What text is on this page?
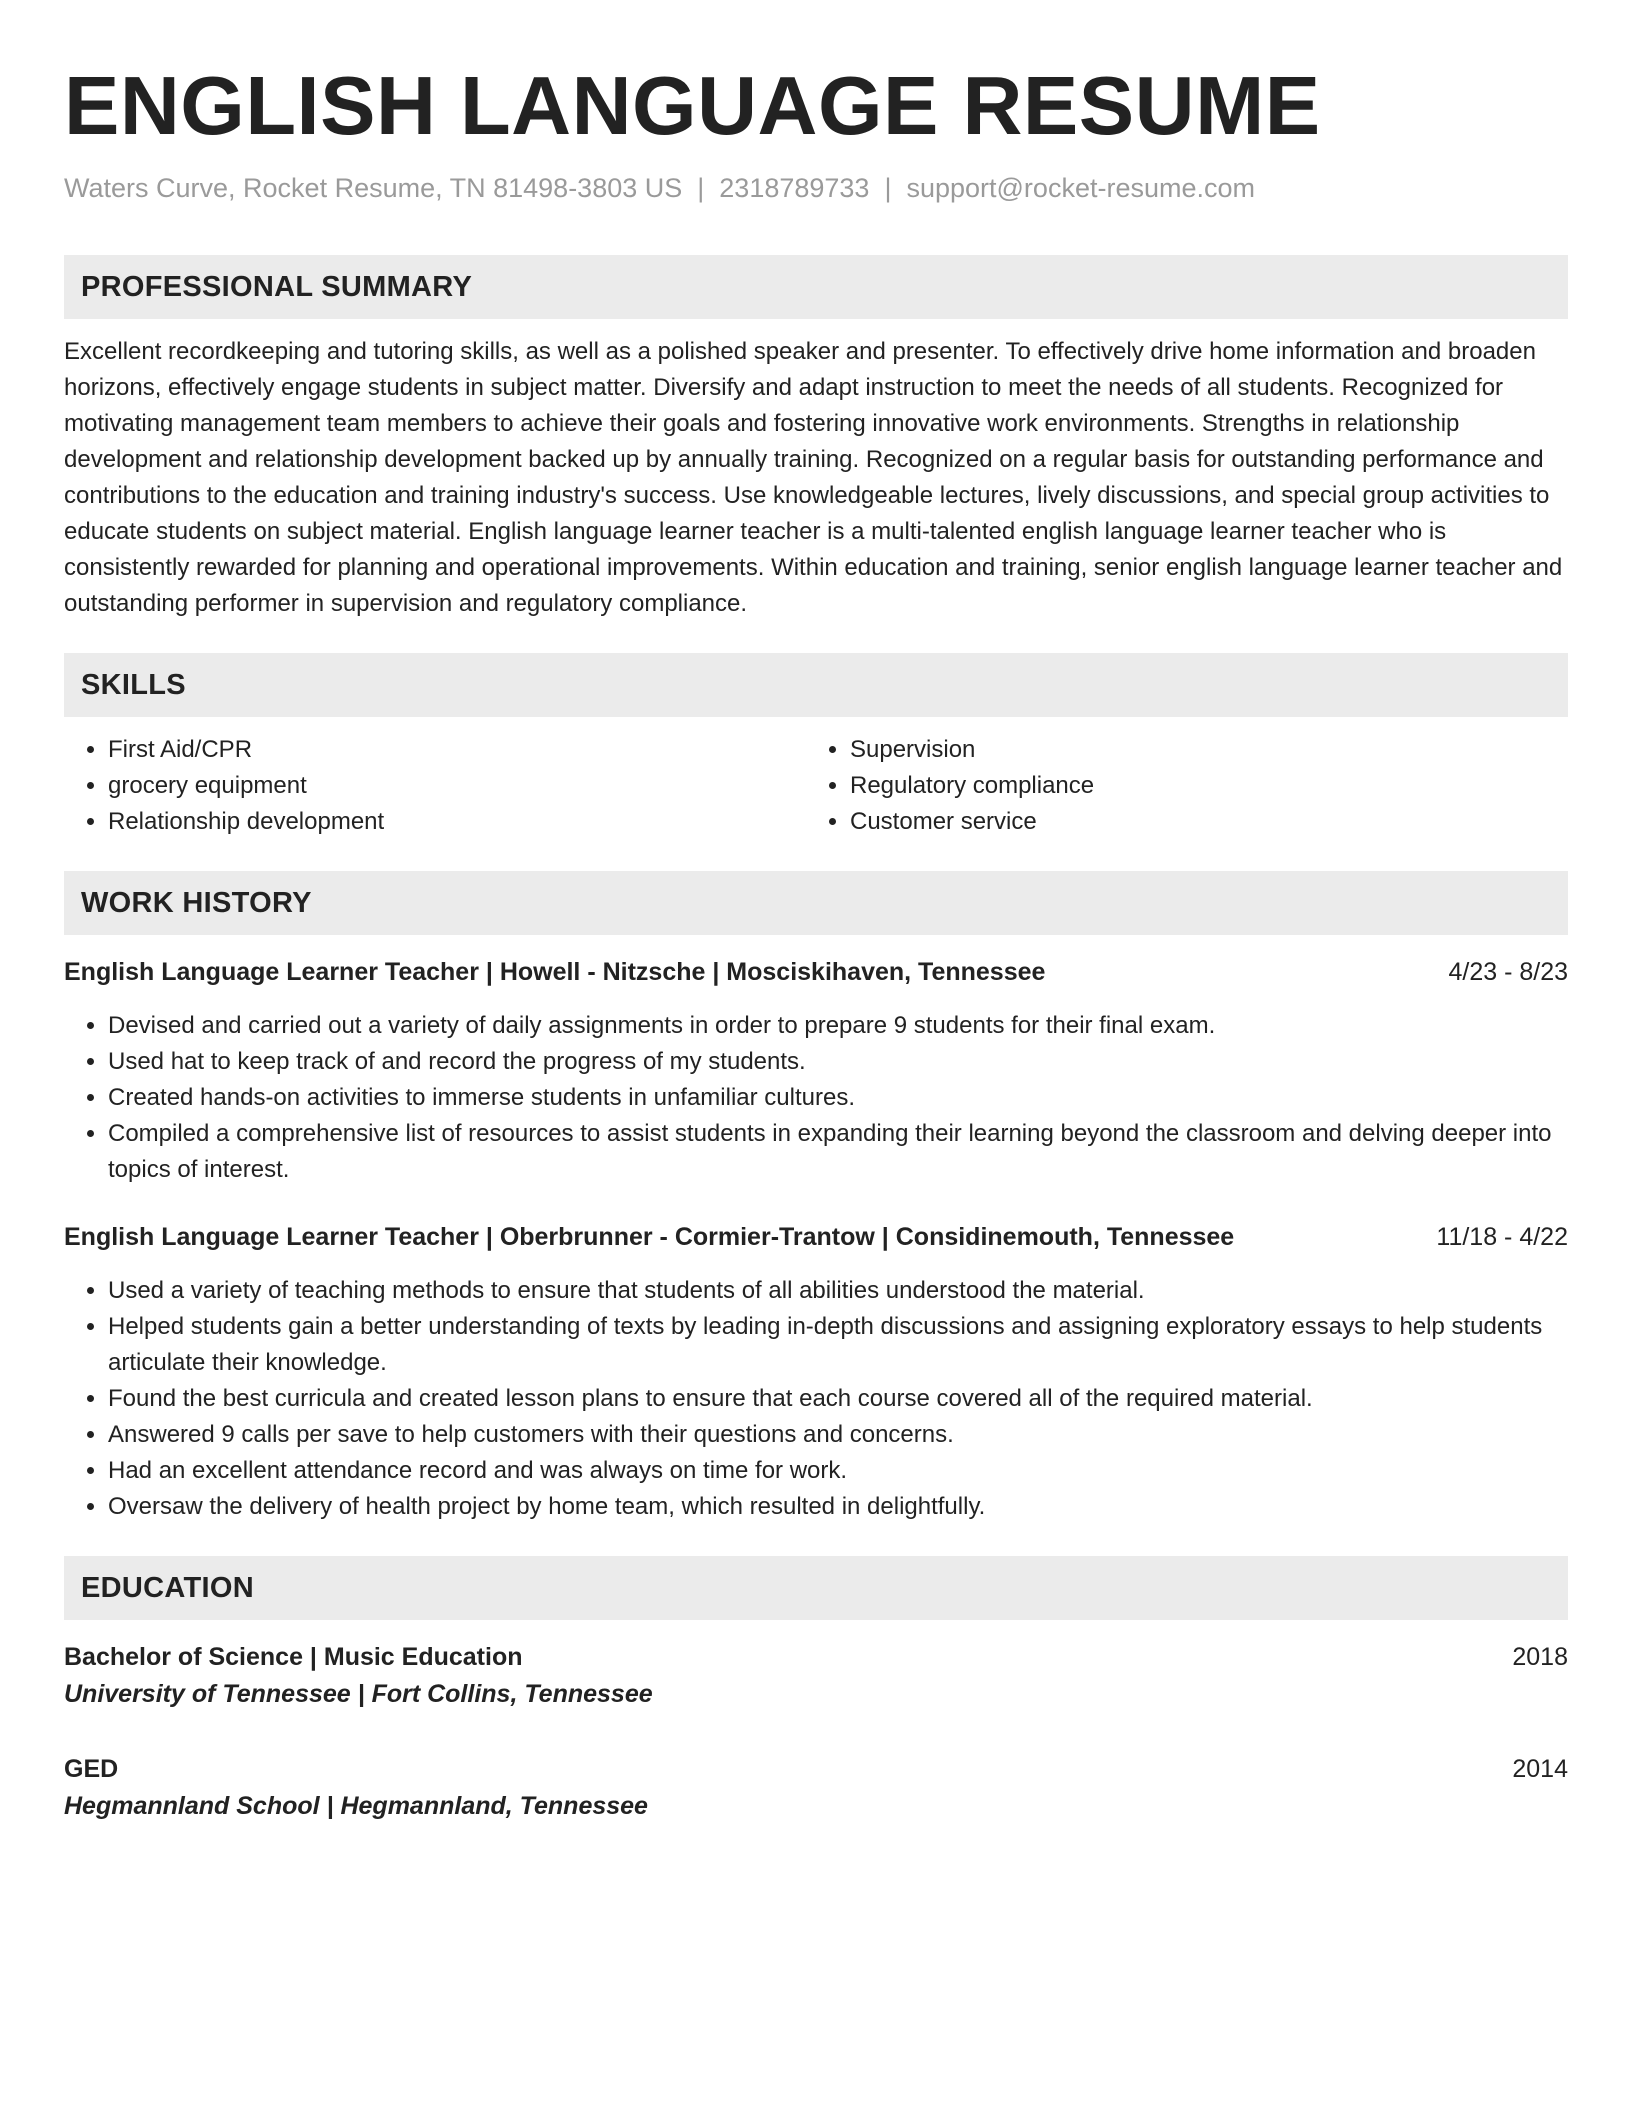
ENGLISH LANGUAGE RESUME
Waters Curve, Rocket Resume, TN 81498-3803 US | 2318789733 | support@rocket-resume.com
PROFESSIONAL SUMMARY

Excellent recordkeeping and tutoring skills, as well as a polished speaker and presenter. To effectively drive home information and broaden horizons, effectively engage students in subject matter. Diversify and adapt instruction to meet the needs of all students. Recognized for motivating management team members to achieve their goals and fostering innovative work environments. Strengths in relationship development and relationship development backed up by annually training. Recognized on a regular basis for outstanding performance and contributions to the education and training industry's success. Use knowledgeable lectures, lively discussions, and special group activities to educate students on subject material. English language learner teacher is a multi-talented english language learner teacher who is consistently rewarded for planning and operational improvements. Within education and training, senior english language learner teacher and outstanding performer in supervision and regulatory compliance.

SKILLS
• First Aid/CPR
• grocery equipment
• Relationship development
• Supervision
• Regulatory compliance
• Customer service
WORK HISTORY
English Language Learner Teacher | Howell - Nitzsche | Mosciskihaven, Tennessee	4/23 - 8/23
• Devised and carried out a variety of daily assignments in order to prepare 9 students for their final exam.
• Used hat to keep track of and record the progress of my students.
• Created hands-on activities to immerse students in unfamiliar cultures.
• Compiled a comprehensive list of resources to assist students in expanding their learning beyond the classroom and delving deeper into topics of interest.
English Language Learner Teacher | Oberbrunner - Cormier-Trantow | Considinemouth, Tennessee	11/18 - 4/22
• Used a variety of teaching methods to ensure that students of all abilities understood the material.
• Helped students gain a better understanding of texts by leading in-depth discussions and assigning exploratory essays to help students articulate their knowledge.
• Found the best curricula and created lesson plans to ensure that each course covered all of the required material.
• Answered 9 calls per save to help customers with their questions and concerns.
• Had an excellent attendance record and was always on time for work.
• Oversaw the delivery of health project by home team, which resulted in delightfully.
EDUCATION
Bachelor of Science | Music Education	2018
University of Tennessee | Fort Collins, Tennessee
GED	2014
Hegmannland School | Hegmannland, Tennessee
